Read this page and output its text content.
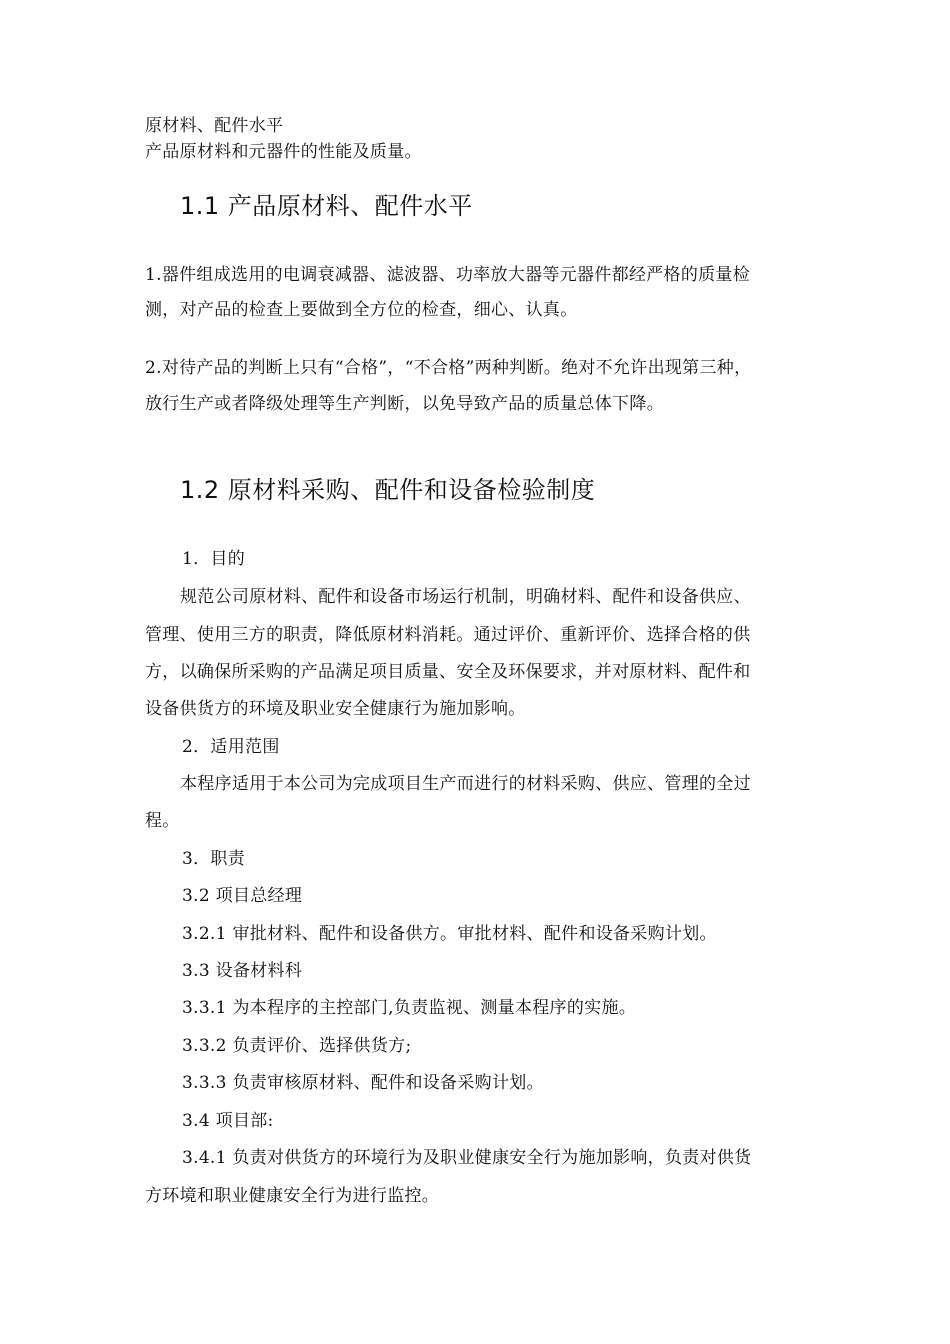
原材料、配件水平
产品原材料和元器件的性能及质量。
1.1 产品原材料、配件水平
1.器件组成选用的电调衰减器、滤波器、功率放大器等元器件都经严格的质量检
测，对产品的检查上要做到全方位的检查，细心、认真。
2.对待产品的判断上只有“合格”，“不合格”两种判断。绝对不允许出现第三种，
放行生产或者降级处理等生产判断，以免导致产品的质量总体下降。
1.2 原材料采购、配件和设备检验制度
1．目的
规范公司原材料、配件和设备市场运行机制，明确材料、配件和设备供应、
管理、使用三方的职责，降低原材料消耗。通过评价、重新评价、选择合格的供
方，以确保所采购的产品满足项目质量、安全及环保要求，并对原材料、配件和
设备供货方的环境及职业安全健康行为施加影响。
2．适用范围
本程序适用于本公司为完成项目生产而进行的材料采购、供应、管理的全过
程。
3．职责
3.2 项目总经理
3.2.1 审批材料、配件和设备供方。审批材料、配件和设备采购计划。
3.3 设备材料科
3.3.1 为本程序的主控部门,负责监视、测量本程序的实施。
3.3.2 负责评价、选择供货方;
3.3.3 负责审核原材料、配件和设备采购计划。
3.4 项目部:
3.4.1 负责对供货方的环境行为及职业健康安全行为施加影响，负责对供货
方环境和职业健康安全行为进行监控。
